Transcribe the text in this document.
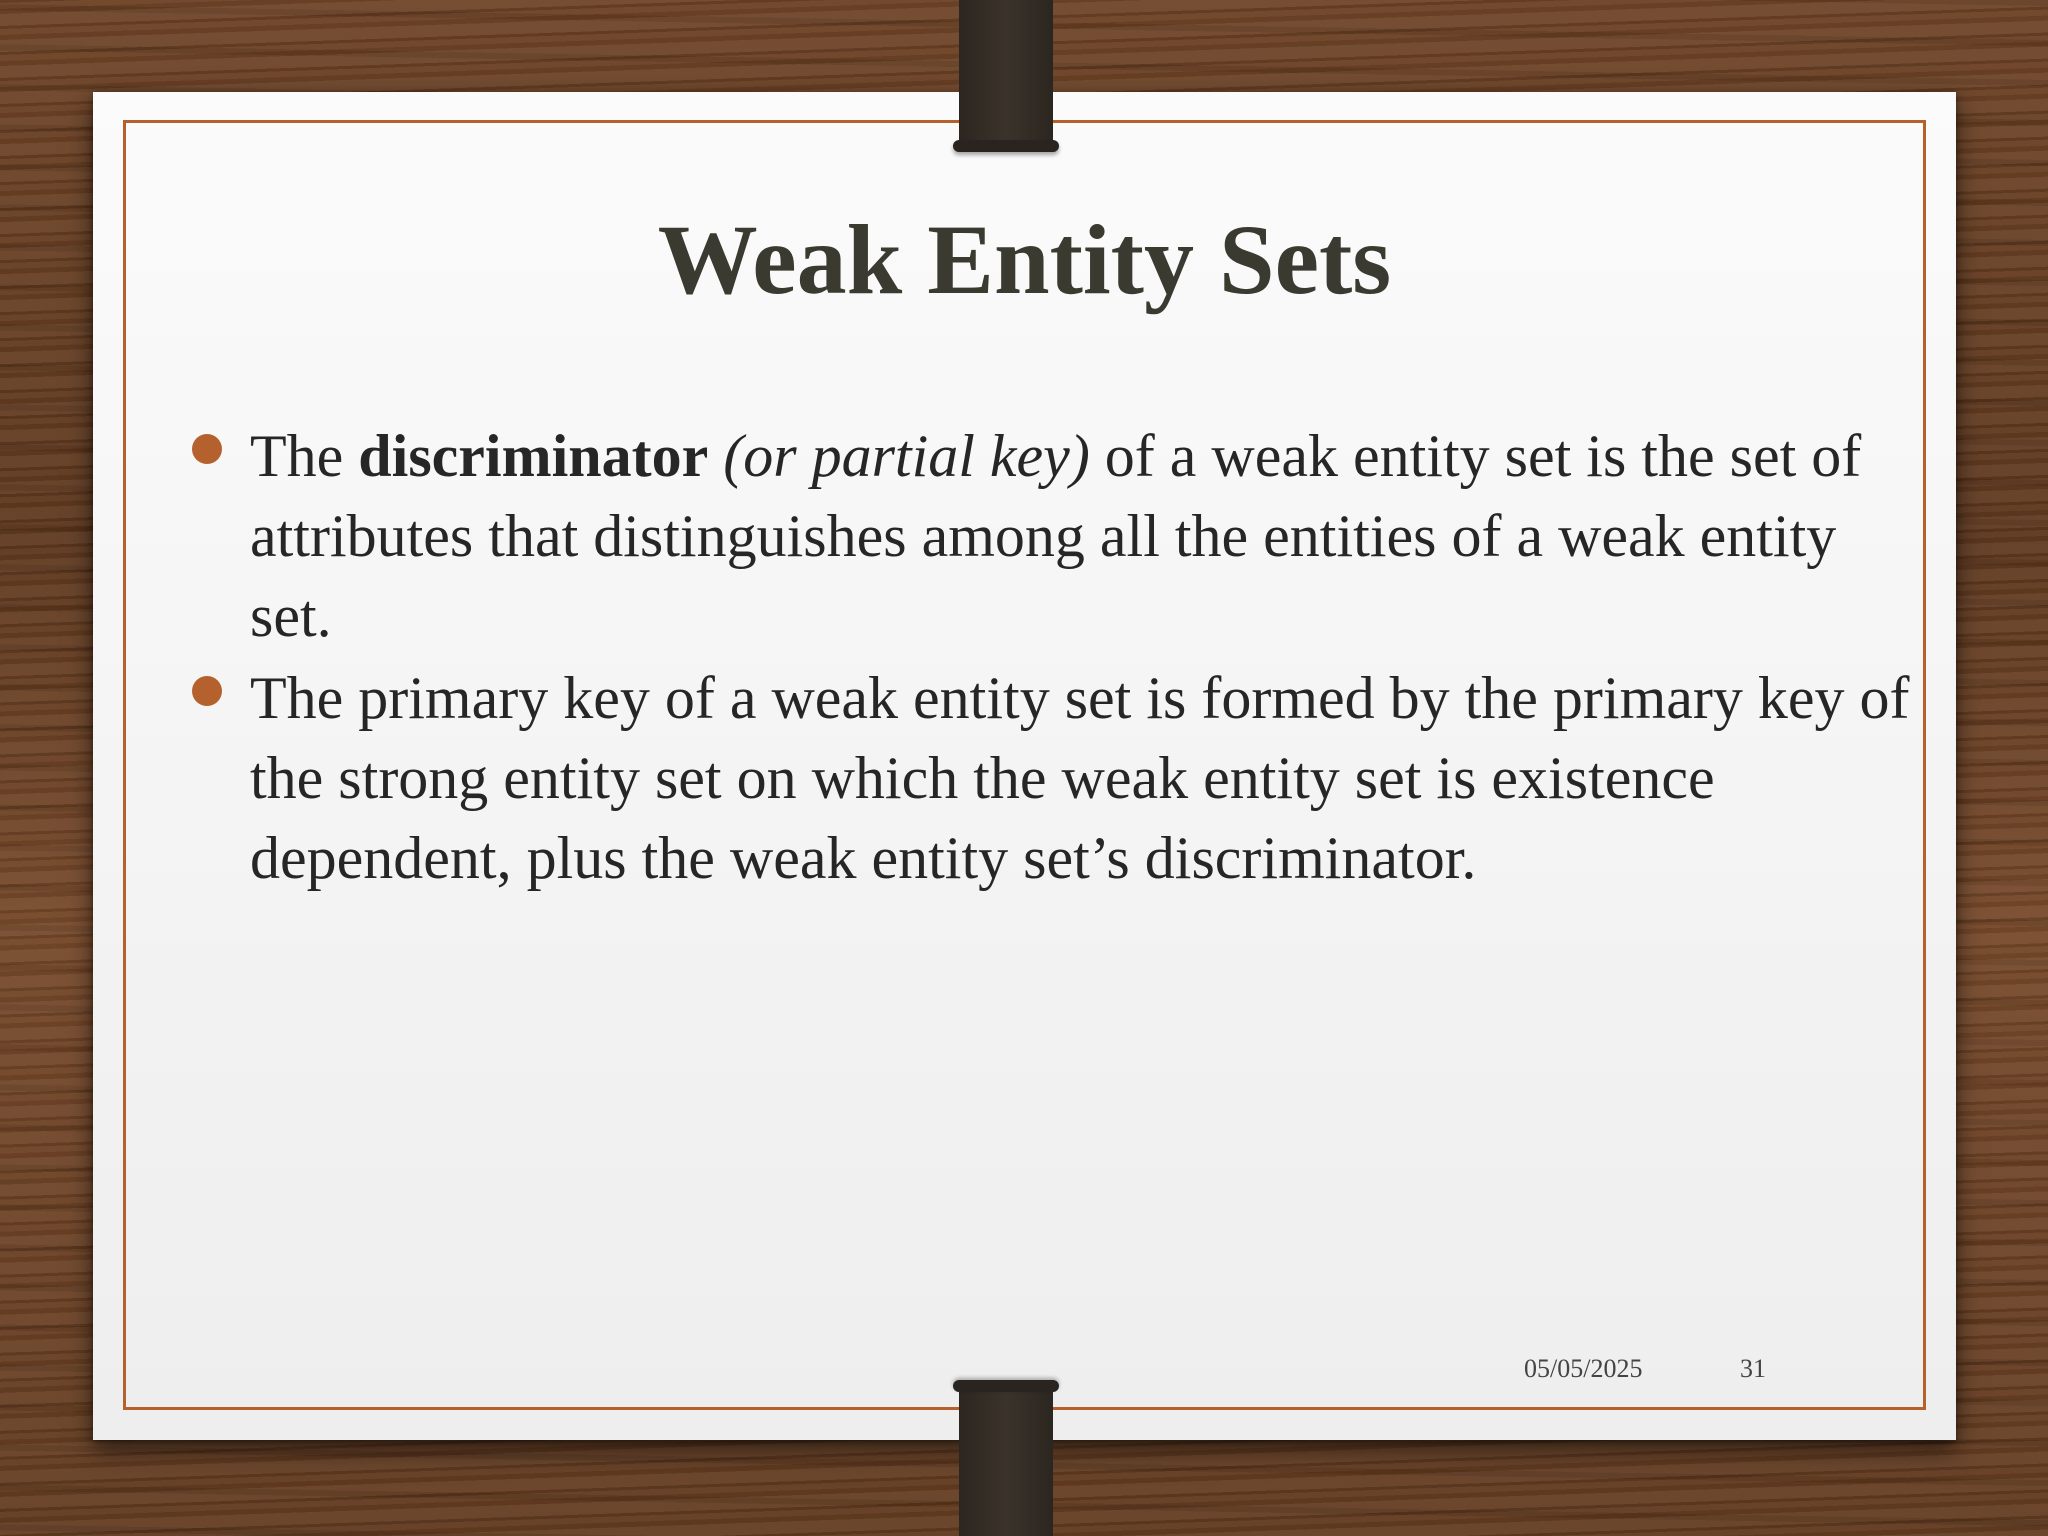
Weak Entity Sets
The discriminator (or partial key) of a weak entity set is the set of attributes that distinguishes among all the entities of a weak entity set.
The primary key of a weak entity set is formed by the primary key of the strong entity set on which the weak entity set is existence dependent, plus the weak entity set’s discriminator.
05/05/2025	31
